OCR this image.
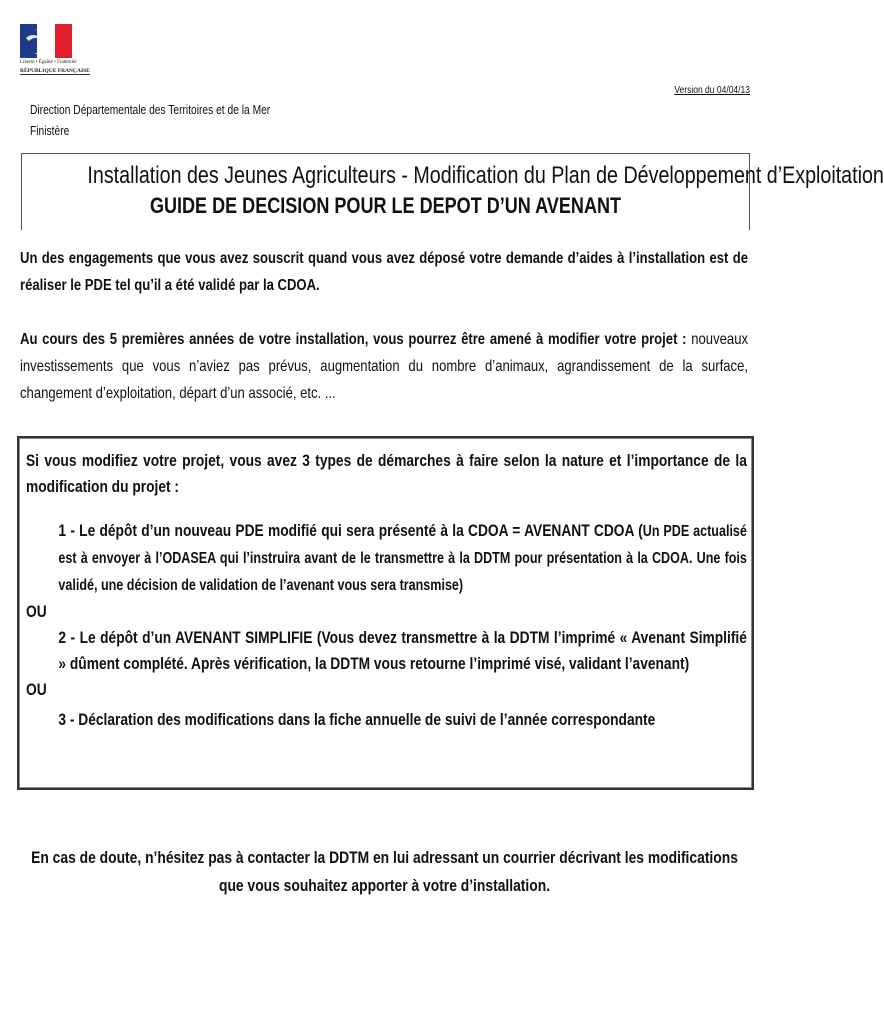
Liberté • Égalité • Fraternité
RÉPUBLIQUE FRANÇAISE
Version du 04/04/13
Direction Départementale des Territoires et de la Mer
Finistère
Installation des Jeunes Agriculteurs - Modification du Plan de Développement d’Exploitation
GUIDE DE DECISION POUR LE DEPOT D’UN AVENANT
Un des engagements que vous avez souscrit quand vous avez déposé votre demande d’aides à l’installation est de réaliser le PDE tel qu’il a été validé par la CDOA.
Au cours des 5 premières années de votre installation, vous pourrez être amené à modifier votre projet : nouveaux investissements que vous n’aviez pas prévus, augmentation du nombre d’animaux, agrandissement de la surface, changement d’exploitation, départ d’un associé, etc. ...

Si vous modifiez votre projet, vous avez 3 types de démarches à faire selon la nature et l’importance de la modification du projet :

1 - Le dépôt d’un nouveau PDE modifié qui sera présenté à la CDOA = AVENANT CDOA (Un PDE actualisé est à envoyer à l’ODASEA qui l’instruira avant de le transmettre à la DDTM pour présentation à la CDOA. Une fois validé, une décision de validation de l’avenant vous sera transmise)

OU

2 - Le dépôt d’un AVENANT SIMPLIFIE (Vous devez transmettre à la DDTM l’imprimé « Avenant Simplifié » dûment complété. Après vérification, la DDTM vous retourne l’imprimé visé, validant l’avenant)

OU

3 - Déclaration des modifications dans la fiche annuelle de suivi de l’année correspondante

En cas de doute, n’hésitez pas à contacter la DDTM en lui adressant un courrier décrivant les modifications que vous souhaitez apporter à votre d’installation.
